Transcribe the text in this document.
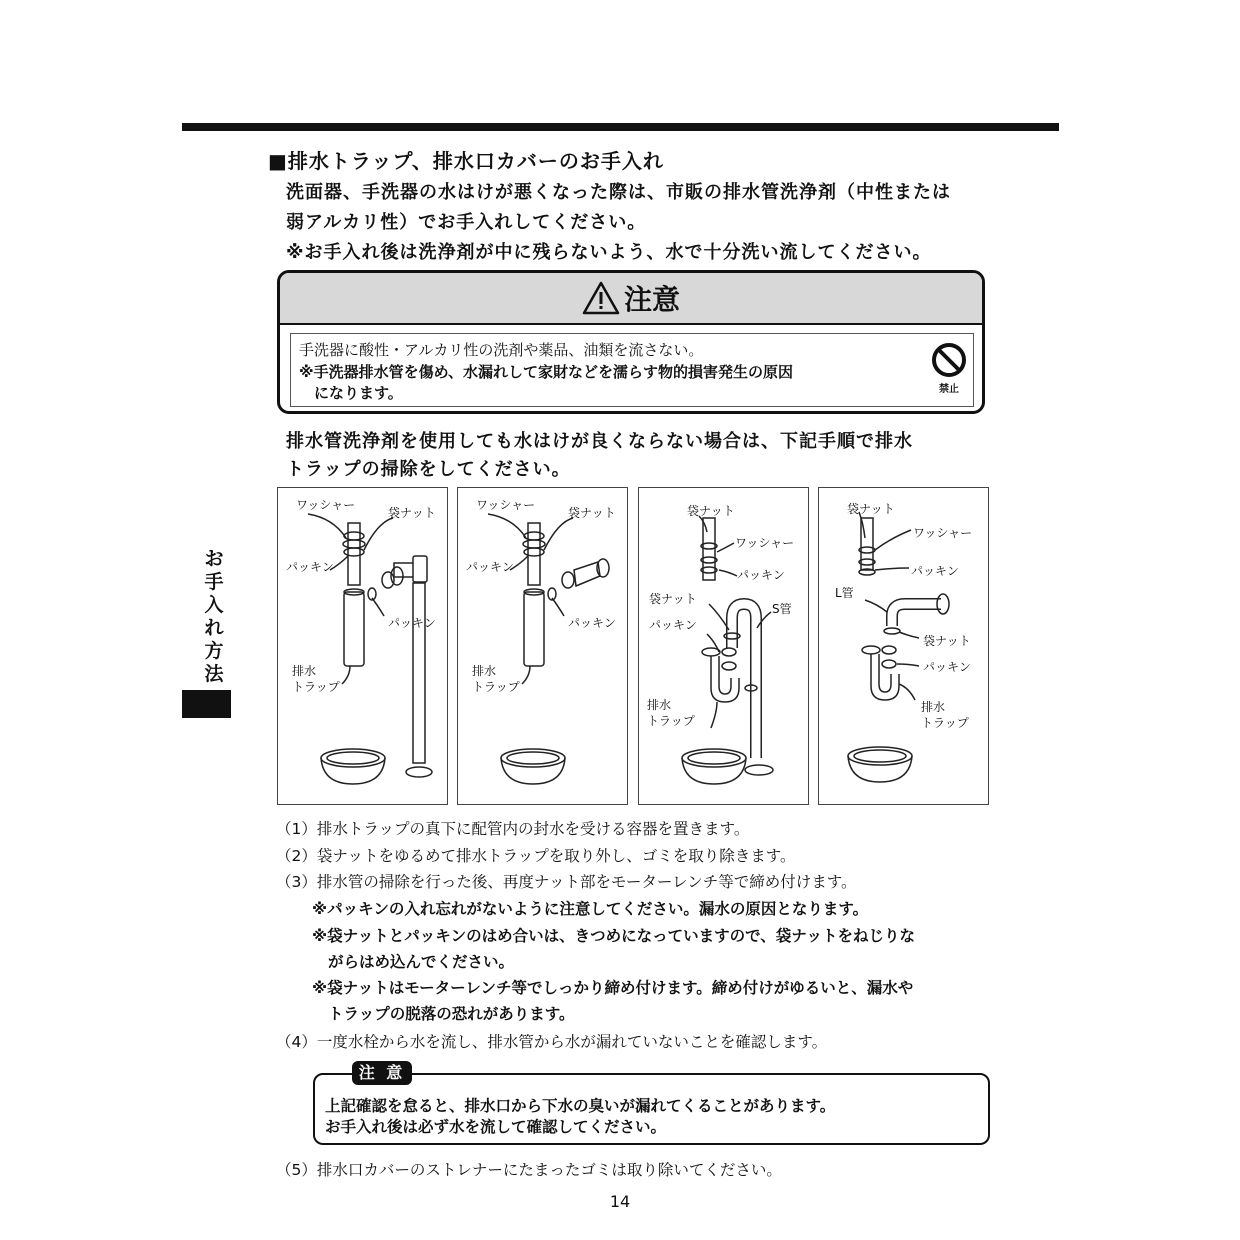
■排水トラップ、排水口カバーのお手入れ
洗面器、手洗器の水はけが悪くなった際は、市販の排水管洗浄剤（中性または
弱アルカリ性）でお手入れしてください。
※お手入れ後は洗浄剤が中に残らないよう、水で十分洗い流してください。
注意
手洗器に酸性・アルカリ性の洗剤や薬品、油類を流さない。
※手洗器排水管を傷め、水漏れして家財などを濡らす物的損害発生の原因
　になります。	禁止
排水管洗浄剤を使用しても水はけが良くならない場合は、下記手順で排水
トラップの掃除をしてください。
お
手
入
れ
方
法
ワッシャー
袋ナット
パッキン
パッキン
排水
トラップ
ワッシャー
袋ナット
パッキン
パッキン
排水
トラップ
袋ナット
ワッシャー
パッキン
袋ナット
S管
パッキン
排水
トラップ
袋ナット
ワッシャー
パッキン
L管
袋ナット
パッキン
排水
トラップ
（1）排水トラップの真下に配管内の封水を受ける容器を置きます。
（2）袋ナットをゆるめて排水トラップを取り外し、ゴミを取り除きます。
（3）排水管の掃除を行った後、再度ナット部をモーターレンチ等で締め付けます。
※パッキンの入れ忘れがないように注意してください。漏水の原因となります。
※袋ナットとパッキンのはめ合いは、きつめになっていますので、袋ナットをねじりな
がらはめ込んでください。
※袋ナットはモーターレンチ等でしっかり締め付けます。締め付けがゆるいと、漏水や
トラップの脱落の恐れがあります。
（4）一度水栓から水を流し、排水管から水が漏れていないことを確認します。
注 意
上記確認を怠ると、排水口から下水の臭いが漏れてくることがあります。
お手入れ後は必ず水を流して確認してください。
（5）排水口カバーのストレナーにたまったゴミは取り除いてください。
14
